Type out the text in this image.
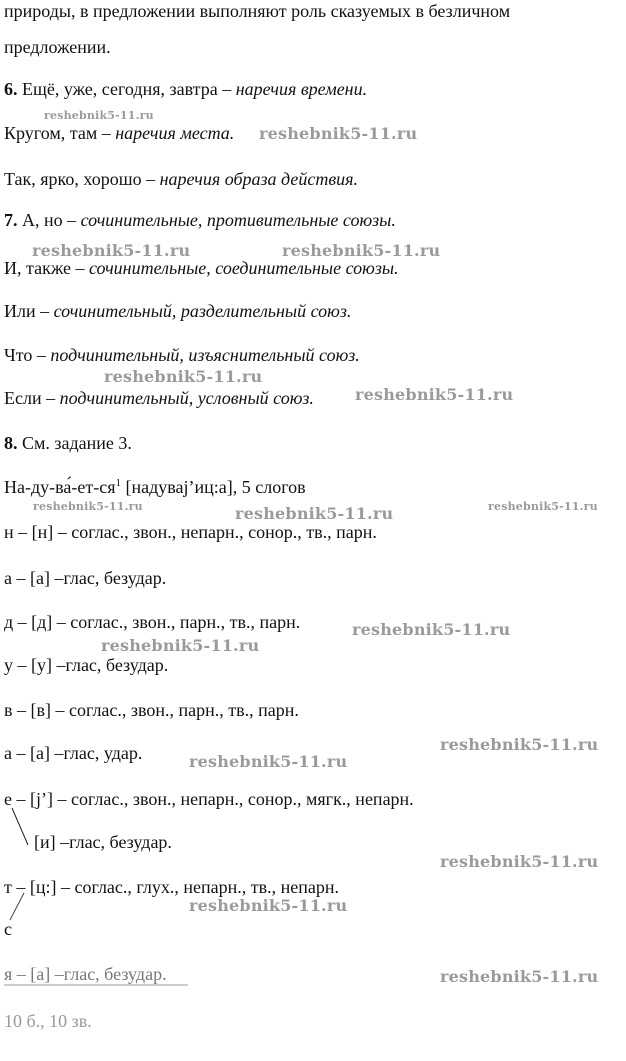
природы, в предложении выполняют роль сказуемых в безличном
предложении.
6. Ещё, уже, сегодня, завтра – наречия времени.
Кругом, там – наречия места.
Так, ярко, хорошо – наречия образа действия.
7. А, но – сочинительные, противительные союзы.
И, также – сочинительные, соединительные союзы.
Или – сочинительный, разделительный союз.
Что – подчинительный, изъяснительный союз.
Если – подчинительный, условный союз.
8. См. задание 3.
$На-ду-ва́-ет-ся^1$ [надуваj’иц:а], 5 слогов
н – [н] – соглас., звон., непарн., сонор., тв., парн.
а – [а] –глас, безудар.
д – [д] – соглас., звон., парн., тв., парн.
у – [у] –глас, безудар.
в – [в] – соглас., звон., парн., тв., парн.
а – [а] –глас, удар.
е – [j’] – соглас., звон., непарн., сонор., мягк., непарн.
[и] –глас, безудар.
т – [ц:] – соглас., глух., непарн., тв., непарн.
с
я – [а] –глас, безудар.
10 б., 10 зв.
reshebnik5-11.ru
reshebnik5-11.ru
reshebnik5-11.ru	reshebnik5-11.ru
reshebnik5-11.ru
reshebnik5-11.ru
reshebnik5-11.ru	reshebnik5-11.ru	reshebnik5-11.ru
reshebnik5-11.ru
reshebnik5-11.ru
reshebnik5-11.ru
reshebnik5-11.ru
reshebnik5-11.ru
reshebnik5-11.ru
reshebnik5-11.ru
